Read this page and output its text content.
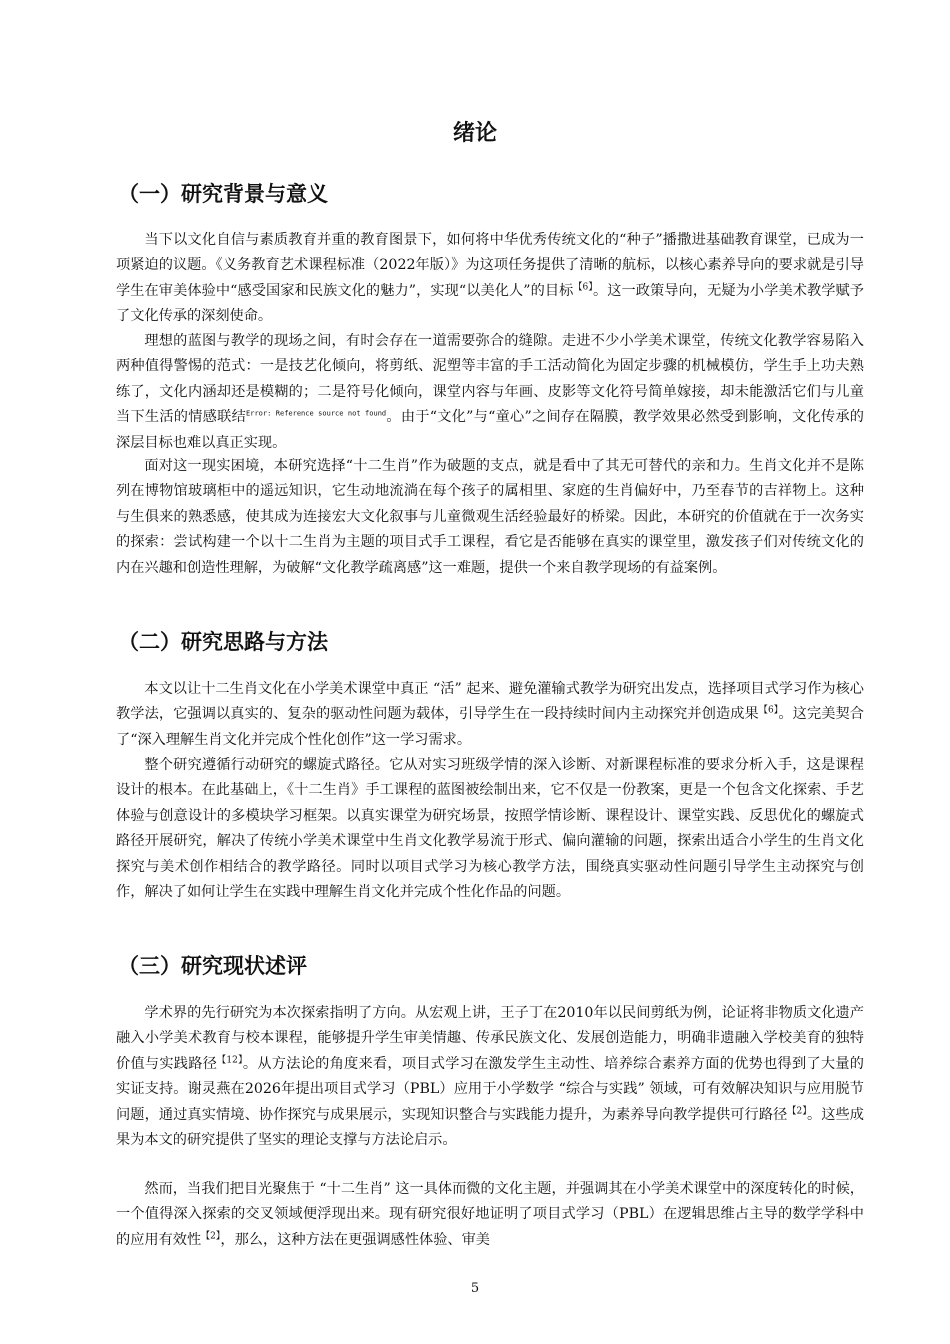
绪论
（一）研究背景与意义

当下以文化自信与素质教育并重的教育图景下，如何将中华优秀传统文化的“种子”播撒进基础教育课堂，已成为一项紧迫的议题。《义务教育艺术课程标准（2022年版）》为这项任务提供了清晰的航标，以核心素养导向的要求就是引导学生在审美体验中“感受国家和民族文化的魅力”，实现“以美化人”的目标$^{【6】}$。这一政策导向，无疑为小学美术教学赋予了文化传承的深刻使命。

理想的蓝图与教学的现场之间，有时会存在一道需要弥合的缝隙。走进不少小学美术课堂，传统文化教学容易陷入两种值得警惕的范式：一是技艺化倾向，将剪纸、泥塑等丰富的手工活动简化为固定步骤的机械模仿，学生手上功夫熟练了，文化内涵却还是模糊的；二是符号化倾向，课堂内容与年画、皮影等文化符号简单嫁接，却未能激活它们与儿童当下生活的情感联结$^{Error: Reference source not found}$。由于“文化”与“童心”之间存在隔膜，教学效果必然受到影响，文化传承的深层目标也难以真正实现。

面对这一现实困境，本研究选择“十二生肖”作为破题的支点，就是看中了其无可替代的亲和力。生肖文化并不是陈列在博物馆玻璃柜中的遥远知识，它生动地流淌在每个孩子的属相里、家庭的生肖偏好中，乃至春节的吉祥物上。这种与生俱来的熟悉感，使其成为连接宏大文化叙事与儿童微观生活经验最好的桥梁。因此，本研究的价值就在于一次务实的探索：尝试构建一个以十二生肖为主题的项目式手工课程，看它是否能够在真实的课堂里，激发孩子们对传统文化的内在兴趣和创造性理解，为破解“文化教学疏离感”这一难题，提供一个来自教学现场的有益案例。

（二）研究思路与方法

本文以让十二生肖文化在小学美术课堂中真正 “活” 起来、避免灌输式教学为研究出发点，选择项目式学习作为核心教学法，它强调以真实的、复杂的驱动性问题为载体，引导学生在一段持续时间内主动探究并创造成果$^{【6】}$。这完美契合了“深入理解生肖文化并完成个性化创作”这一学习需求。

整个研究遵循行动研究的螺旋式路径。它从对实习班级学情的深入诊断、对新课程标准的要求分析入手，这是课程设计的根本。在此基础上，《十二生肖》手工课程的蓝图被绘制出来，它不仅是一份教案，更是一个包含文化探索、手艺体验与创意设计的多模块学习框架。以真实课堂为研究场景，按照学情诊断、课程设计、课堂实践、反思优化的螺旋式路径开展研究，解决了传统小学美术课堂中生肖文化教学易流于形式、偏向灌输的问题，探索出适合小学生的生肖文化探究与美术创作相结合的教学路径。同时以项目式学习为核心教学方法，围绕真实驱动性问题引导学生主动探究与创作，解决了如何让学生在实践中理解生肖文化并完成个性化作品的问题。

（三）研究现状述评

学术界的先行研究为本次探索指明了方向。从宏观上讲，王子丁在2010年以民间剪纸为例，论证将非物质文化遗产融入小学美术教育与校本课程，能够提升学生审美情趣、传承民族文化、发展创造能力，明确非遗融入学校美育的独特价值与实践路径$^{【12】}$。从方法论的角度来看，项目式学习在激发学生主动性、培养综合素养方面的优势也得到了大量的实证支持。谢灵燕在2026年提出项目式学习（PBL）应用于小学数学 “综合与实践” 领域，可有效解决知识与应用脱节问题，通过真实情境、协作探究与成果展示，实现知识整合与实践能力提升，为素养导向教学提供可行路径$^{【2】}$。这些成果为本文的研究提供了坚实的理论支撑与方法论启示。

然而，当我们把目光聚焦于 “十二生肖” 这一具体而微的文化主题，并强调其在小学美术课堂中的深度转化的时候，一个值得深入探索的交叉领域便浮现出来。现有研究很好地证明了项目式学习（PBL）在逻辑思维占主导的数学学科中的应用有效性$^{【2】}$，那么，这种方法在更强调感性体验、审美

5
